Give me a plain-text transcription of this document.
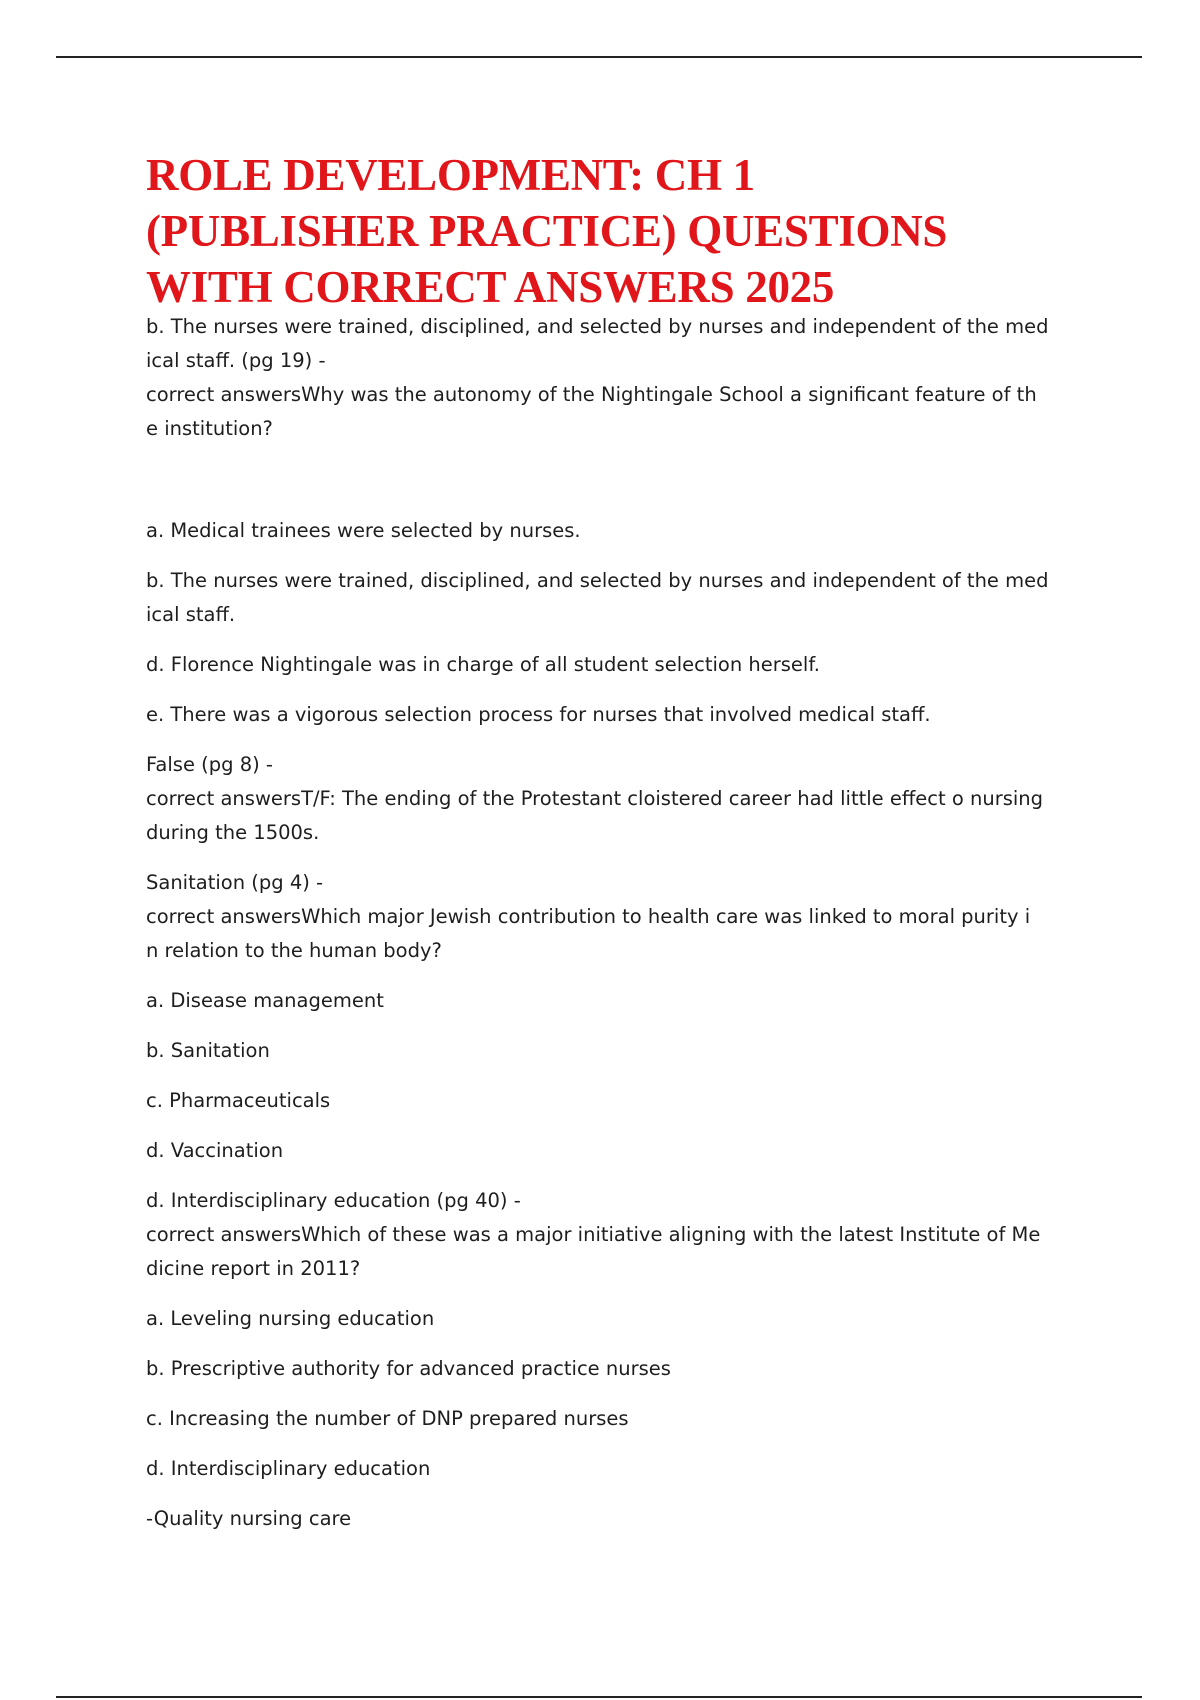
ROLE DEVELOPMENT: CH 1
(PUBLISHER PRACTICE) QUESTIONS
WITH CORRECT ANSWERS 2025

b. The nurses were trained, disciplined, and selected by nurses and independent of the med
ical staff. (pg 19) -
correct answersWhy was the autonomy of the Nightingale School a significant feature of th
e institution?

a. Medical trainees were selected by nurses.

b. The nurses were trained, disciplined, and selected by nurses and independent of the med
ical staff.

d. Florence Nightingale was in charge of all student selection herself.

e. There was a vigorous selection process for nurses that involved medical staff.

False (pg 8) -
correct answersT/F: The ending of the Protestant cloistered career had little effect o nursing
during the 1500s.

Sanitation (pg 4) -
correct answersWhich major Jewish contribution to health care was linked to moral purity i
n relation to the human body?

a. Disease management

b. Sanitation

c. Pharmaceuticals

d. Vaccination

d. Interdisciplinary education (pg 40) -
correct answersWhich of these was a major initiative aligning with the latest Institute of Me
dicine report in 2011?

a. Leveling nursing education

b. Prescriptive authority for advanced practice nurses

c. Increasing the number of DNP prepared nurses

d. Interdisciplinary education

-Quality nursing care
